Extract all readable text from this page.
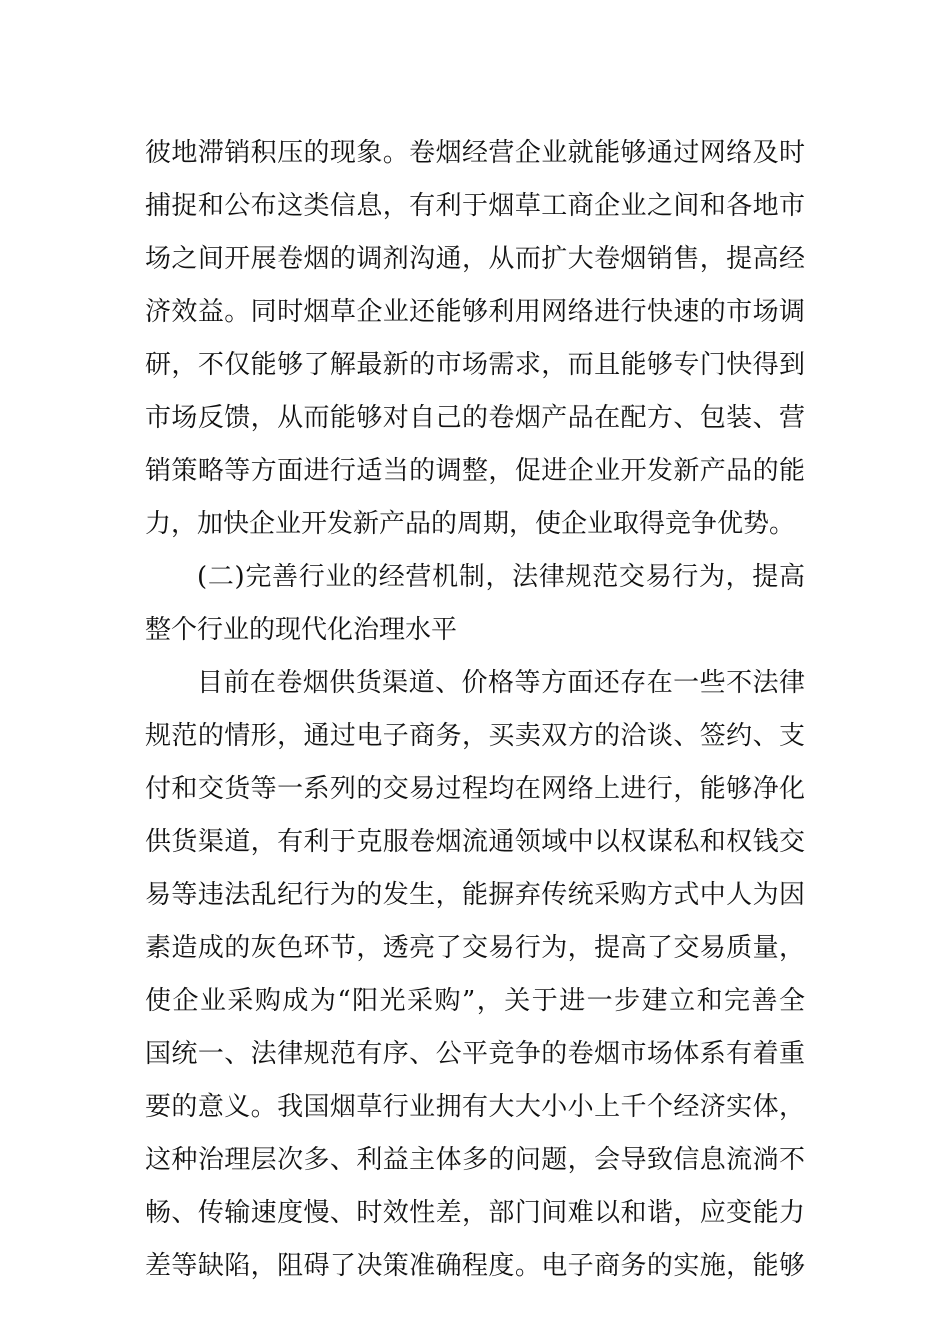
彼地滞销积压的现象。卷烟经营企业就能够通过网络及时
捕捉和公布这类信息，有利于烟草工商企业之间和各地市
场之间开展卷烟的调剂沟通，从而扩大卷烟销售，提高经
济效益。同时烟草企业还能够利用网络进行快速的市场调
研，不仅能够了解最新的市场需求，而且能够专门快得到
市场反馈，从而能够对自己的卷烟产品在配方、包装、营
销策略等方面进行适当的调整，促进企业开发新产品的能
力，加快企业开发新产品的周期，使企业取得竞争优势。
(二)完善行业的经营机制，法律规范交易行为，提高
整个行业的现代化治理水平
目前在卷烟供货渠道、价格等方面还存在一些不法律
规范的情形，通过电子商务，买卖双方的洽谈、签约、支
付和交货等一系列的交易过程均在网络上进行，能够净化
供货渠道，有利于克服卷烟流通领域中以权谋私和权钱交
易等违法乱纪行为的发生，能摒弃传统采购方式中人为因
素造成的灰色环节，透亮了交易行为，提高了交易质量，
使企业采购成为“阳光采购”，关于进一步建立和完善全
国统一、法律规范有序、公平竞争的卷烟市场体系有着重
要的意义。我国烟草行业拥有大大小小上千个经济实体，
这种治理层次多、利益主体多的问题，会导致信息流淌不
畅、传输速度慢、时效性差，部门间难以和谐，应变能力
差等缺陷，阻碍了决策准确程度。电子商务的实施，能够
